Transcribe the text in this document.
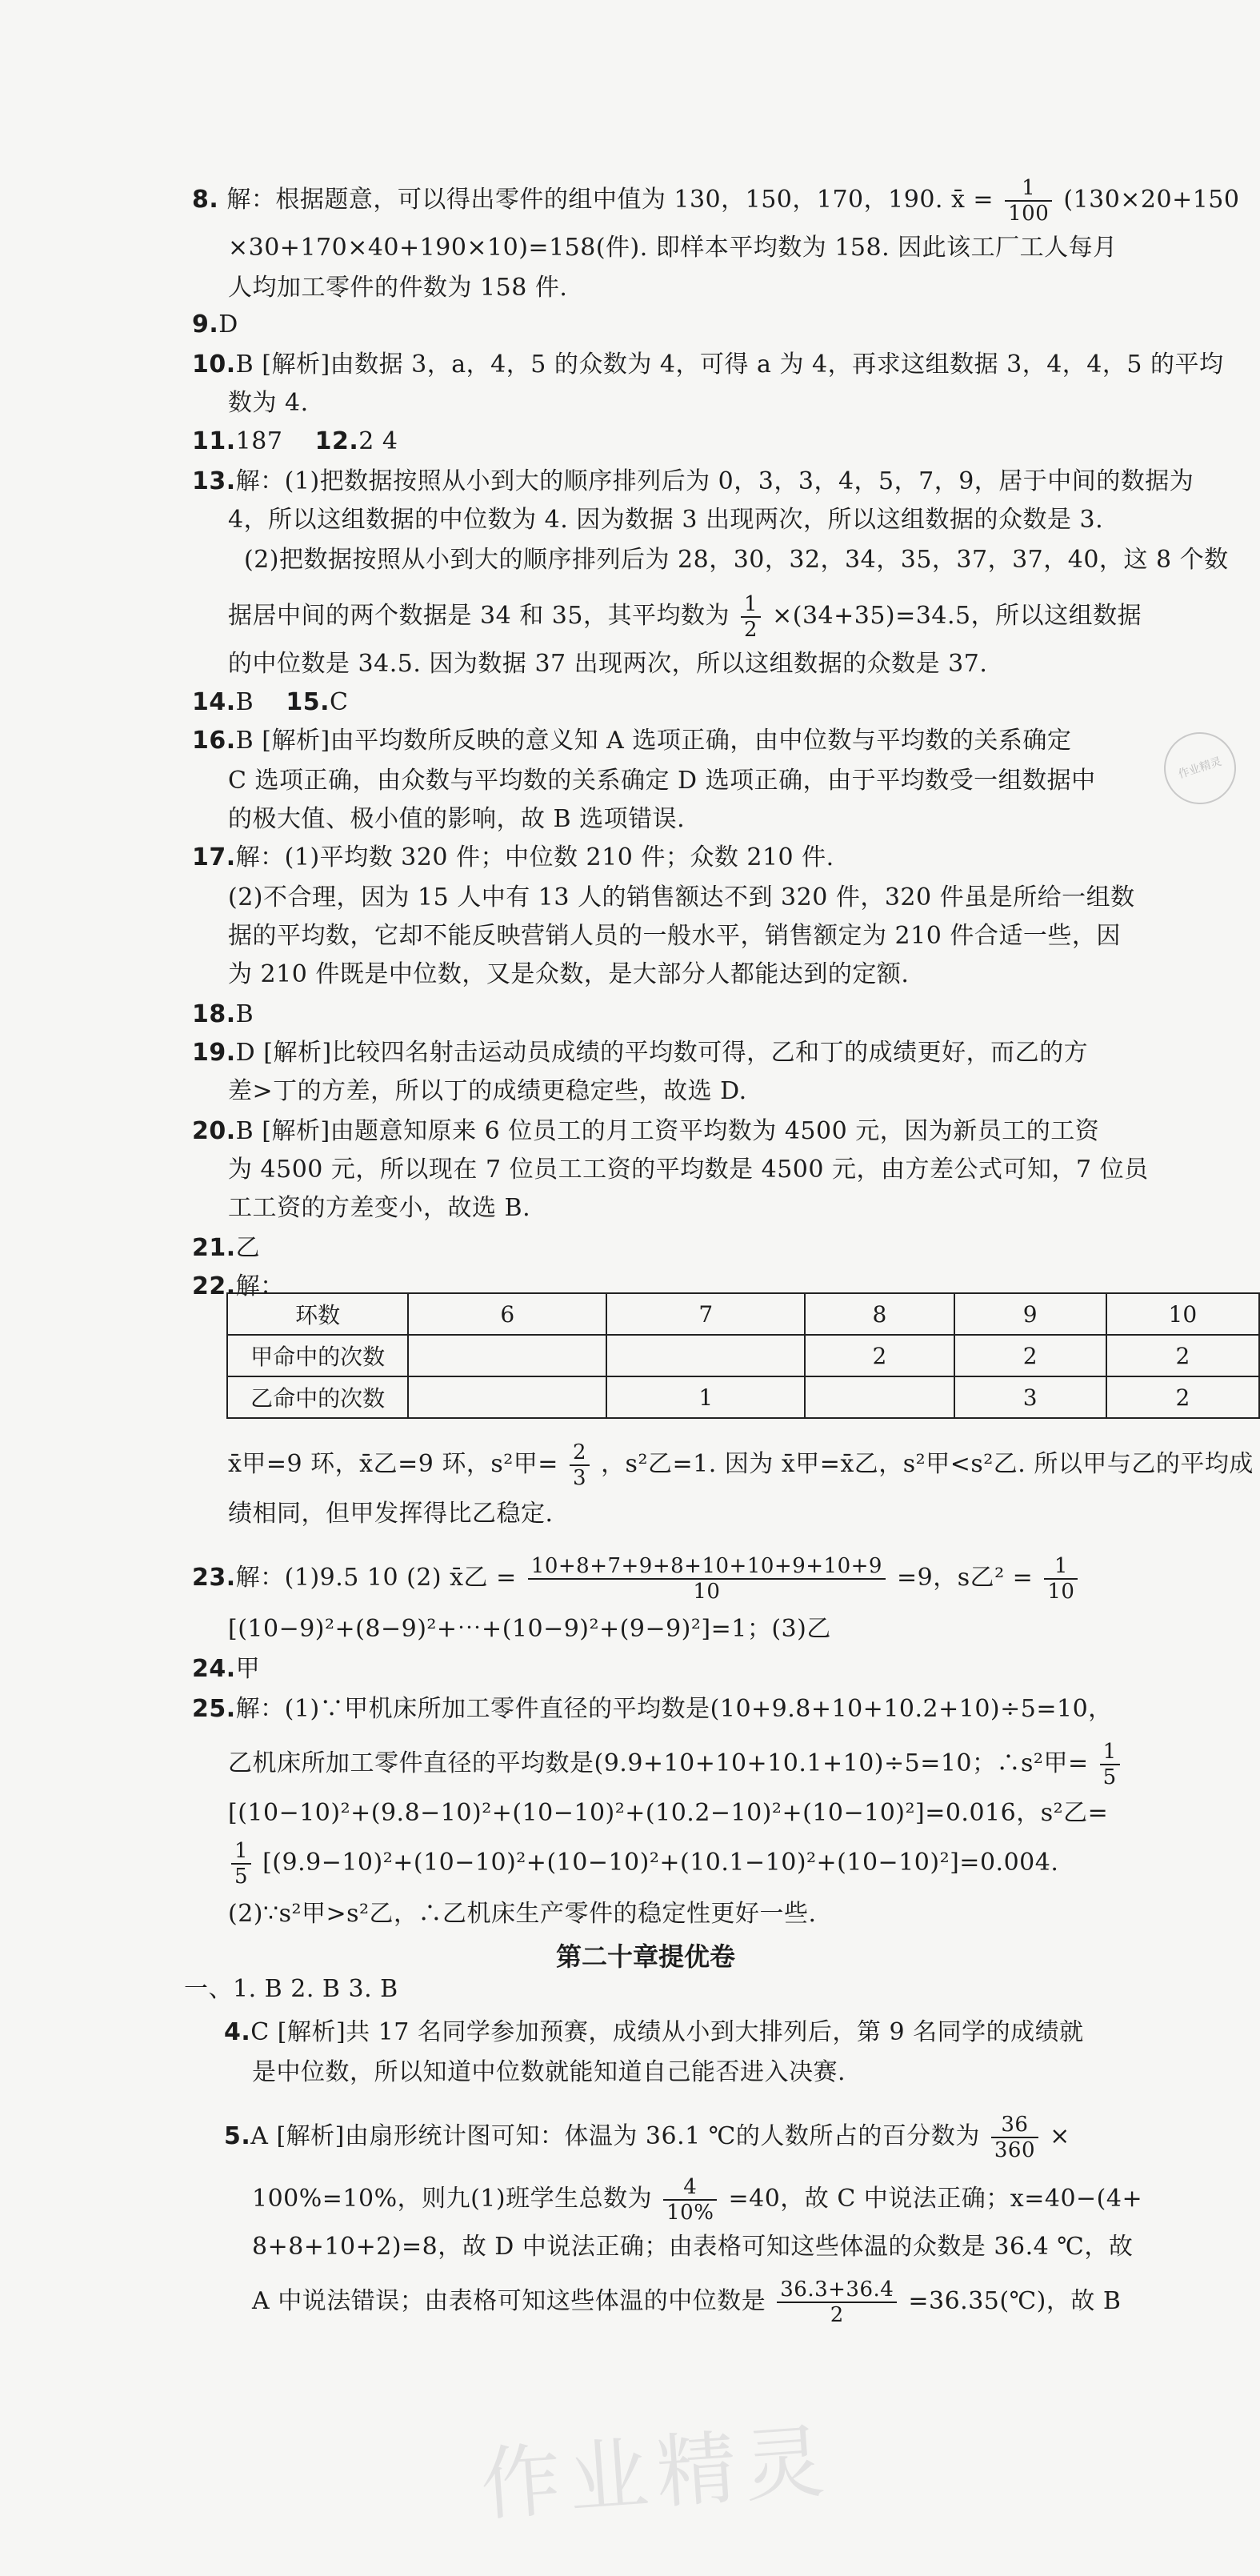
8. 解：根据题意，可以得出零件的组中值为 130，150，170，190. x̄ = $\frac{1}{100} (130\times 20+150$
×30+170×40+190×10)=158(件). 即样本平均数为 158. 因此该工厂工人每月
人均加工零件的件数为 158 件.
9.D
10.B [解析]由数据 3，a，4，5 的众数为 4，可得 a 为 4，再求这组数据 3，4，4，5 的平均
数为 4.
11.187 12.2 4
13.解：(1)把数据按照从小到大的顺序排列后为 0，3，3，4，5，7，9，居于中间的数据为
4，所以这组数据的中位数为 4. 因为数据 3 出现两次，所以这组数据的众数是 3.
(2)把数据按照从小到大的顺序排列后为 28，30，32，34，35，37，37，40，这 8 个数
据居中间的两个数据是 34 和 35，其平均数为 $\frac{1}{2} \times(34+35)=34.5$，所以这组数据
的中位数是 34.5. 因为数据 37 出现两次，所以这组数据的众数是 37.
14.B 15.C
16.B [解析]由平均数所反映的意义知 A 选项正确，由中位数与平均数的关系确定
C 选项正确，由众数与平均数的关系确定 D 选项正确，由于平均数受一组数据中
的极大值、极小值的影响，故 B 选项错误.
作业精灵
17.解：(1)平均数 320 件；中位数 210 件；众数 210 件.
(2)不合理，因为 15 人中有 13 人的销售额达不到 320 件，320 件虽是所给一组数
据的平均数，它却不能反映营销人员的一般水平，销售额定为 210 件合适一些，因
为 210 件既是中位数，又是众数，是大部分人都能达到的定额.
18.B
19.D [解析]比较四名射击运动员成绩的平均数可得，乙和丁的成绩更好，而乙的方
差>丁的方差，所以丁的成绩更稳定些，故选 D.
20.B [解析]由题意知原来 6 位员工的月工资平均数为 4500 元，因为新员工的工资
为 4500 元，所以现在 7 位员工工资的平均数是 4500 元，由方差公式可知，7 位员
工工资的方差变小，故选 B.
21.乙
22.解：
环数	6	7	8	9	10
甲命中的次数			2	2	2
乙命中的次数		1		3	2
x̄甲=9 环，x̄乙=9 环，s²甲= $\frac{2}{3}$ ，s²乙=1. 因为 x̄甲=x̄乙，s²甲<s²乙. 所以甲与乙的平均成
绩相同，但甲发挥得比乙稳定.
23.解：(1)9.5 10 (2) x̄乙 = $\frac{10+8+7+9+8+10+10+9+10+9}{10} =9$，s乙$^2 = \frac{1}{10}$
[(10−9)²+(8−9)²+⋯+(10−9)²+(9−9)²]=1；(3)乙
24.甲
25.解：(1)∵甲机床所加工零件直径的平均数是(10+9.8+10+10.2+10)÷5=10，
乙机床所加工零件直径的平均数是(9.9+10+10+10.1+10)÷5=10；∴s²甲= $\frac{1}{5}$
[(10−10)²+(9.8−10)²+(10−10)²+(10.2−10)²+(10−10)²]=0.016，s²乙=
$\frac{1}{5} [(9.9-10)^2+(10-10)^2+(10-10)^2+(10.1-10)^2+(10-10)^2]=0.004$.
(2)∵s²甲>s²乙，∴乙机床生产零件的稳定性更好一些.
第二十章提优卷
一、1. B 2. B 3. B
4.C [解析]共 17 名同学参加预赛，成绩从小到大排列后，第 9 名同学的成绩就
是中位数，所以知道中位数就能知道自己能否进入决赛.
5.A [解析]由扇形统计图可知：体温为 36.1 ℃的人数所占的百分数为 $\frac{36}{360}$ ×
100%=10%，则九(1)班学生总数为 $\frac{4}{10\%} =40$，故 C 中说法正确；x=40−(4+
8+8+10+2)=8，故 D 中说法正确；由表格可知这些体温的众数是 36.4 ℃，故
A 中说法错误；由表格可知这些体温的中位数是 $\frac{36.3+36.4}{2}$ =36.35(℃)，故 B
作业精灵
